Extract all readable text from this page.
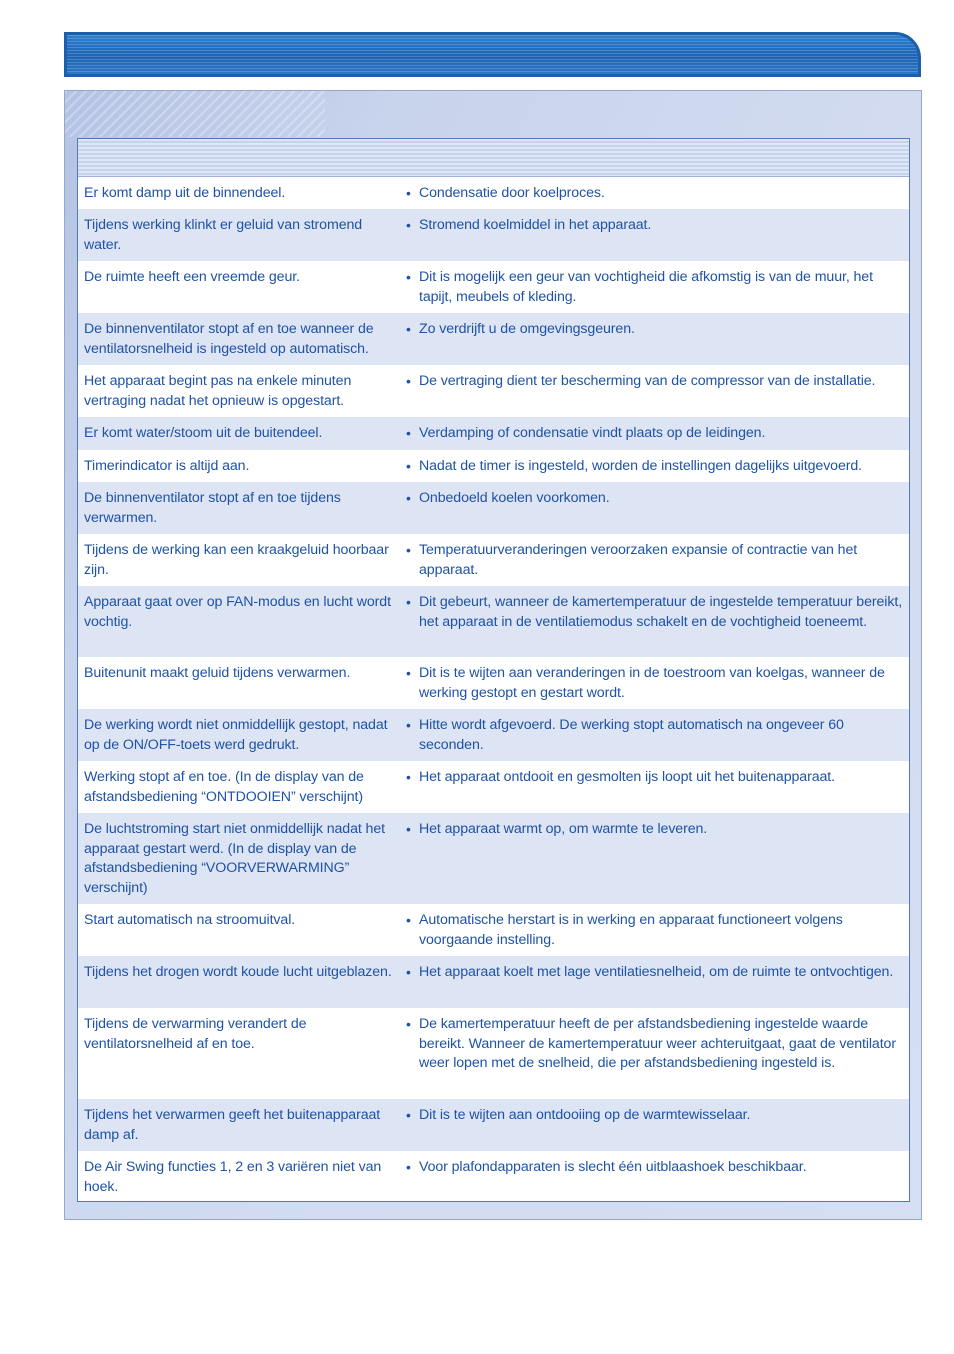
Er komt damp uit de binnendeel.	• Condensatie door koelproces.
Tijdens werking klinkt er geluid van stromend water.
• Stromend koelmiddel in het apparaat.
De ruimte heeft een vreemde geur.	• Dit is mogelijk een geur van vochtigheid die afkomstig is van de muur, het tapijt, meubels of kleding.
De binnenventilator stopt af en toe wanneer de ventilatorsnelheid is ingesteld op automatisch.
• Zo verdrijft u de omgevingsgeuren.
Het apparaat begint pas na enkele minuten vertraging nadat het opnieuw is opgestart.
• De vertraging dient ter bescherming van de compressor van de installatie.
Er komt water/stoom uit de buitendeel.	• Verdamping of condensatie vindt plaats op de leidingen.
Timerindicator is altijd aan.	• Nadat de timer is ingesteld, worden de instellingen dagelijks uitgevoerd.
De binnenventilator stopt af en toe tijdens verwarmen.
• Onbedoeld koelen voorkomen.
Tijdens de werking kan een kraakgeluid hoorbaar zijn.
• Temperatuurveranderingen veroorzaken expansie of contractie van het apparaat.
Apparaat gaat over op FAN-modus en lucht wordt vochtig.
• Dit gebeurt, wanneer de kamertemperatuur de ingestelde temperatuur bereikt, het apparaat in de ventilatiemodus schakelt en de vochtigheid toeneemt.
Buitenunit maakt geluid tijdens verwarmen.	• Dit is te wijten aan veranderingen in de toestroom van koelgas, wanneer de werking gestopt en gestart wordt.
De werking wordt niet onmiddellijk gestopt, nadat op de ON/OFF-toets werd gedrukt.
• Hitte wordt afgevoerd. De werking stopt automatisch na ongeveer 60 seconden.
Werking stopt af en toe. (In de display van de afstandsbediening “ONTDOOIEN” verschijnt)
• Het apparaat ontdooit en gesmolten ijs loopt uit het buitenapparaat.
De luchtstroming start niet onmiddellijk nadat het apparaat gestart werd. (In de display van de afstandsbediening “VOORVERWARMING” verschijnt)
• Het apparaat warmt op, om warmte te leveren.
Start automatisch na stroomuitval.	• Automatische herstart is in werking en apparaat functioneert volgens voorgaande instelling.
Tijdens het drogen wordt koude lucht uitgeblazen.	• Het apparaat koelt met lage ventilatiesnelheid, om de ruimte te ontvochtigen.
Tijdens de verwarming verandert de ventilatorsnelheid af en toe.
• De kamertemperatuur heeft de per afstandsbediening ingestelde waarde bereikt. Wanneer de kamertemperatuur weer achteruitgaat, gaat de ventilator weer lopen met de snelheid, die per afstandsbediening ingesteld is.
Tijdens het verwarmen geeft het buitenapparaat damp af.
• Dit is te wijten aan ontdooiing op de warmtewisselaar.
De Air Swing functies 1, 2 en 3 variëren niet van hoek.
• Voor plafondapparaten is slecht één uitblaashoek beschikbaar.
